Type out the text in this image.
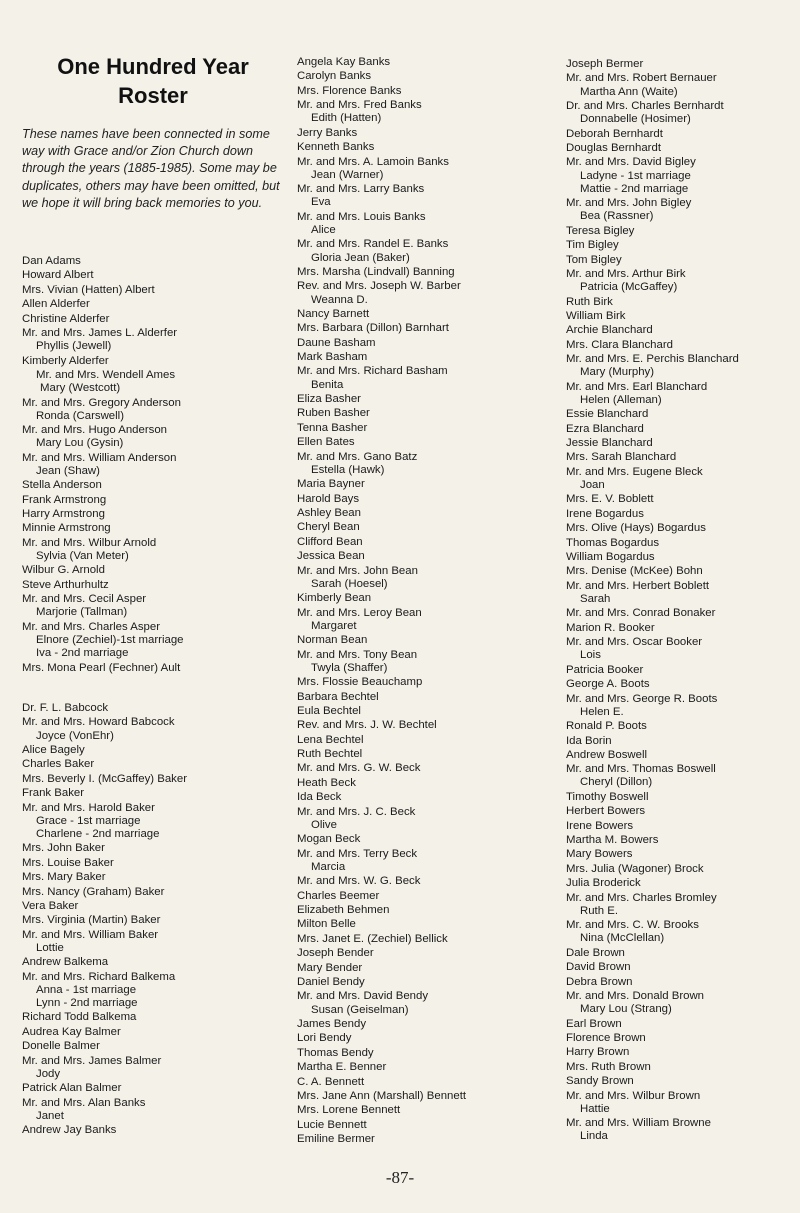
One Hundred Year
Roster
These names have been connected in some way with Grace and/or Zion Church down through the years (1885-1985). Some may be duplicates, others may have been omitted, but we hope it will bring back memories to you.
Dan Adams
Howard Albert
Mrs. Vivian (Hatten) Albert
Allen Alderfer
Christine Alderfer
Mr. and Mrs. James L. Alderfer
Phyllis (Jewell)
Kimberly Alderfer
Mr. and Mrs. Wendell Ames
Mary (Westcott)
Mr. and Mrs. Gregory Anderson
Ronda (Carswell)
Mr. and Mrs. Hugo Anderson
Mary Lou (Gysin)
Mr. and Mrs. William Anderson
Jean (Shaw)
Stella Anderson
Frank Armstrong
Harry Armstrong
Minnie Armstrong
Mr. and Mrs. Wilbur Arnold
Sylvia (Van Meter)
Wilbur G. Arnold
Steve Arthurhultz
Mr. and Mrs. Cecil Asper
Marjorie (Tallman)
Mr. and Mrs. Charles Asper
Elnore (Zechiel)-1st marriage
Iva - 2nd marriage
Mrs. Mona Pearl (Fechner) Ault
Dr. F. L. Babcock
Mr. and Mrs. Howard Babcock
Joyce (VonEhr)
Alice Bagely
Charles Baker
Mrs. Beverly I. (McGaffey) Baker
Frank Baker
Mr. and Mrs. Harold Baker
Grace - 1st marriage
Charlene - 2nd marriage
Mrs. John Baker
Mrs. Louise Baker
Mrs. Mary Baker
Mrs. Nancy (Graham) Baker
Vera Baker
Mrs. Virginia (Martin) Baker
Mr. and Mrs. William Baker
Lottie
Andrew Balkema
Mr. and Mrs. Richard Balkema
Anna - 1st marriage
Lynn - 2nd marriage
Richard Todd Balkema
Audrea Kay Balmer
Donelle Balmer
Mr. and Mrs. James Balmer
Jody
Patrick Alan Balmer
Mr. and Mrs. Alan Banks
Janet
Andrew Jay Banks
Angela Kay Banks
Carolyn Banks
Mrs. Florence Banks
Mr. and Mrs. Fred Banks
Edith (Hatten)
Jerry Banks
Kenneth Banks
Mr. and Mrs. A. Lamoin Banks
Jean (Warner)
Mr. and Mrs. Larry Banks
Eva
Mr. and Mrs. Louis Banks
Alice
Mr. and Mrs. Randel E. Banks
Gloria Jean (Baker)
Mrs. Marsha (Lindvall) Banning
Rev. and Mrs. Joseph W. Barber
Weanna D.
Nancy Barnett
Mrs. Barbara (Dillon) Barnhart
Daune Basham
Mark Basham
Mr. and Mrs. Richard Basham
Benita
Eliza Basher
Ruben Basher
Tenna Basher
Ellen Bates
Mr. and Mrs. Gano Batz
Estella (Hawk)
Maria Bayner
Harold Bays
Ashley Bean
Cheryl Bean
Clifford Bean
Jessica Bean
Mr. and Mrs. John Bean
Sarah (Hoesel)
Kimberly Bean
Mr. and Mrs. Leroy Bean
Margaret
Norman Bean
Mr. and Mrs. Tony Bean
Twyla (Shaffer)
Mrs. Flossie Beauchamp
Barbara Bechtel
Eula Bechtel
Rev. and Mrs. J. W. Bechtel
Lena Bechtel
Ruth Bechtel
Mr. and Mrs. G. W. Beck
Heath Beck
Ida Beck
Mr. and Mrs. J. C. Beck
Olive
Mogan Beck
Mr. and Mrs. Terry Beck
Marcia
Mr. and Mrs. W. G. Beck
Charles Beemer
Elizabeth Behmen
Milton Belle
Mrs. Janet E. (Zechiel) Bellick
Joseph Bender
Mary Bender
Daniel Bendy
Mr. and Mrs. David Bendy
Susan (Geiselman)
James Bendy
Lori Bendy
Thomas Bendy
Martha E. Benner
C. A. Bennett
Mrs. Jane Ann (Marshall) Bennett
Mrs. Lorene Bennett
Lucie Bennett
Emiline Bermer
Joseph Bermer
Mr. and Mrs. Robert Bernauer
Martha Ann (Waite)
Dr. and Mrs. Charles Bernhardt
Donnabelle (Hosimer)
Deborah Bernhardt
Douglas Bernhardt
Mr. and Mrs. David Bigley
Ladyne - 1st marriage
Mattie - 2nd marriage
Mr. and Mrs. John Bigley
Bea (Rassner)
Teresa Bigley
Tim Bigley
Tom Bigley
Mr. and Mrs. Arthur Birk
Patricia (McGaffey)
Ruth Birk
William Birk
Archie Blanchard
Mrs. Clara Blanchard
Mr. and Mrs. E. Perchis Blanchard
Mary (Murphy)
Mr. and Mrs. Earl Blanchard
Helen (Alleman)
Essie Blanchard
Ezra Blanchard
Jessie Blanchard
Mrs. Sarah Blanchard
Mr. and Mrs. Eugene Bleck
Joan
Mrs. E. V. Boblett
Irene Bogardus
Mrs. Olive (Hays) Bogardus
Thomas Bogardus
William Bogardus
Mrs. Denise (McKee) Bohn
Mr. and Mrs. Herbert Boblett
Sarah
Mr. and Mrs. Conrad Bonaker
Marion R. Booker
Mr. and Mrs. Oscar Booker
Lois
Patricia Booker
George A. Boots
Mr. and Mrs. George R. Boots
Helen E.
Ronald P. Boots
Ida Borin
Andrew Boswell
Mr. and Mrs. Thomas Boswell
Cheryl (Dillon)
Timothy Boswell
Herbert Bowers
Irene Bowers
Martha M. Bowers
Mary Bowers
Mrs. Julia (Wagoner) Brock
Julia Broderick
Mr. and Mrs. Charles Bromley
Ruth E.
Mr. and Mrs. C. W. Brooks
Nina (McClellan)
Dale Brown
David Brown
Debra Brown
Mr. and Mrs. Donald Brown
Mary Lou (Strang)
Earl Brown
Florence Brown
Harry Brown
Mrs. Ruth Brown
Sandy Brown
Mr. and Mrs. Wilbur Brown
Hattie
Mr. and Mrs. William Browne
Linda
-87-
